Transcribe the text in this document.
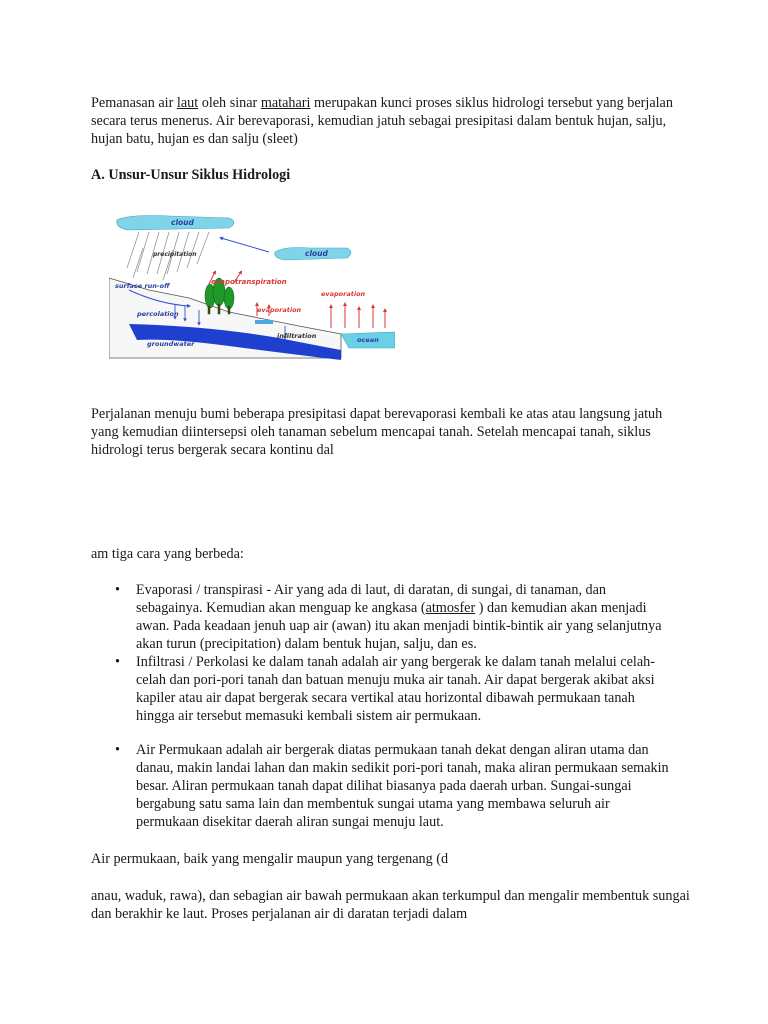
Pemanasan air laut oleh sinar matahari merupakan kunci proses siklus hidrologi tersebut yang berjalan secara terus menerus. Air berevaporasi, kemudian jatuh sebagai presipitasi dalam bentuk hujan, salju, hujan batu, hujan es dan salju (sleet)

A. Unsur-Unsur Siklus Hidrologi
cloud
cloud
precipitation
evapotranspiration
surface run-off
evaporation
evaporation
percolation
infiltration	ocean
groundwater

Perjalanan menuju bumi beberapa presipitasi dapat berevaporasi kembali ke atas atau langsung jatuh yang kemudian diintersepsi oleh tanaman sebelum mencapai tanah. Setelah mencapai tanah, siklus hidrologi terus bergerak secara kontinu dal

am tiga cara yang berbeda:

• Evaporasi / transpirasi - Air yang ada di laut, di daratan, di sungai, di tanaman, dan sebagainya. Kemudian akan menguap ke angkasa (atmosfer ) dan kemudian akan menjadi awan. Pada keadaan jenuh uap air (awan) itu akan menjadi bintik-bintik air yang selanjutnya akan turun (precipitation) dalam bentuk hujan, salju, dan es.
• Infiltrasi / Perkolasi ke dalam tanah adalah air yang bergerak ke dalam tanah melalui celah-celah dan pori-pori tanah dan batuan menuju muka air tanah. Air dapat bergerak akibat aksi kapiler atau air dapat bergerak secara vertikal atau horizontal dibawah permukaan tanah hingga air tersebut memasuki kembali sistem air permukaan.
• Air Permukaan adalah air bergerak diatas permukaan tanah dekat dengan aliran utama dan danau, makin landai lahan dan makin sedikit pori-pori tanah, maka aliran permukaan semakin besar. Aliran permukaan tanah dapat dilihat biasanya pada daerah urban. Sungai-sungai bergabung satu sama lain dan membentuk sungai utama yang membawa seluruh air permukaan disekitar daerah aliran sungai menuju laut.

Air permukaan, baik yang mengalir maupun yang tergenang (d

anau, waduk, rawa), dan sebagian air bawah permukaan akan terkumpul dan mengalir membentuk sungai dan berakhir ke laut. Proses perjalanan air di daratan terjadi dalam
